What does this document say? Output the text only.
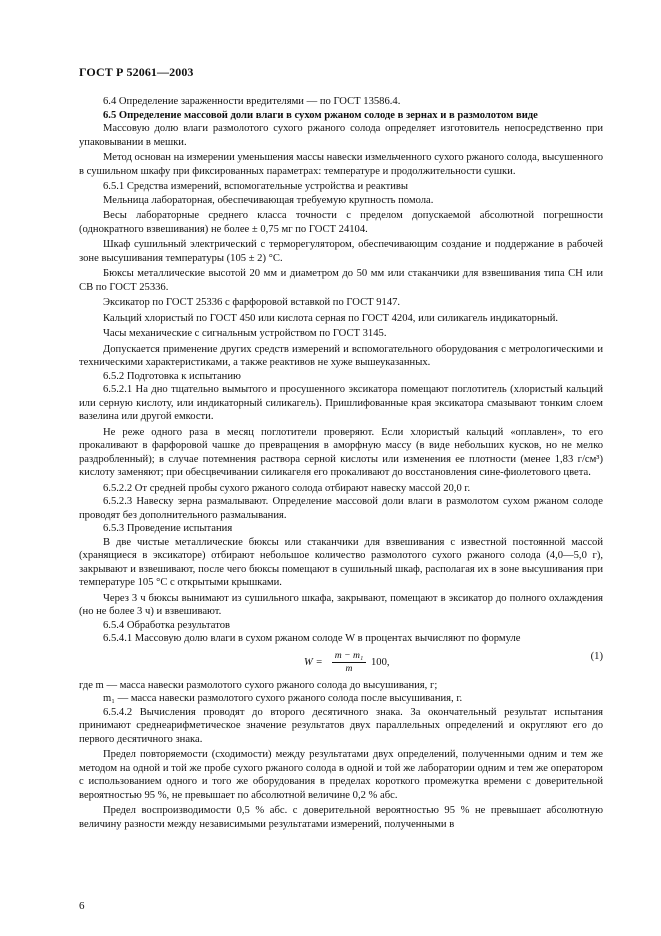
ГОСТ Р 52061—2003

6.4 Определение зараженности вредителями — по ГОСТ 13586.4.

6.5 Определение массовой доли влаги в сухом ржаном солоде в зернах и в размолотом виде

Массовую долю влаги размолотого сухого ржаного солода определяет изготовитель непосредственно при упаковывании в мешки.

Метод основан на измерении уменьшения массы навески измельченного сухого ржаного солода, высушенного в сушильном шкафу при фиксированных параметрах: температуре и продолжительности сушки.

6.5.1 Средства измерений, вспомогательные устройства и реактивы

Мельница лабораторная, обеспечивающая требуемую крупность помола.

Весы лабораторные среднего класса точности с пределом допускаемой абсолютной погрешности (однократного взвешивания) не более ± 0,75 мг по ГОСТ 24104.

Шкаф сушильный электрический с терморегулятором, обеспечивающим создание и поддержание в рабочей зоне высушивания температуры (105 ± 2) °С.

Бюксы металлические высотой 20 мм и диаметром до 50 мм или стаканчики для взвешивания типа СН или СВ по ГОСТ 25336.

Эксикатор по ГОСТ 25336 с фарфоровой вставкой по ГОСТ 9147.

Кальций хлористый по ГОСТ 450 или кислота серная по ГОСТ 4204, или силикагель индикаторный.

Часы механические с сигнальным устройством по ГОСТ 3145.

Допускается применение других средств измерений и вспомогательного оборудования с метрологическими и техническими характеристиками, а также реактивов не хуже вышеуказанных.

6.5.2 Подготовка к испытанию

6.5.2.1 На дно тщательно вымытого и просушенного эксикатора помещают поглотитель (хлористый кальций или серную кислоту, или индикаторный силикагель). Пришлифованные края эксикатора смазывают тонким слоем вазелина или другой емкости.

Не реже одного раза в месяц поглотители проверяют. Если хлористый кальций «оплавлен», то его прокаливают в фарфоровой чашке до превращения в аморфную массу (в виде небольших кусков, но не мелко раздробленный); в случае потемнения раствора серной кислоты или изменения ее плотности (менее 1,83 г/см³) кислоту заменяют; при обесцвечивании силикагеля его прокаливают до восстановления сине-фиолетового цвета.

6.5.2.2 От средней пробы сухого ржаного солода отбирают навеску массой 20,0 г.

6.5.2.3 Навеску зерна размалывают. Определение массовой доли влаги в размолотом сухом ржаном солоде проводят без дополнительного размалывания.

6.5.3 Проведение испытания

В две чистые металлические бюксы или стаканчики для взвешивания с известной постоянной массой (хранящиеся в эксикаторе) отбирают небольшое количество размолотого сухого ржаного солода (4,0—5,0 г), закрывают и взвешивают, после чего бюксы помещают в сушильный шкаф, располагая их в зоне высушивания при температуре 105 °С с открытыми крышками.

Через 3 ч бюксы вынимают из сушильного шкафа, закрывают, помещают в эксикатор до полного охлаждения (но не более 3 ч) и взвешивают.

6.5.4 Обработка результатов

6.5.4.1 Массовую долю влаги в сухом ржаном солоде W в процентах вычисляют по формуле

$W = \frac{\text{m − m₁}}{m} 100$,
(1)

где m — масса навески размолотого сухого ржаного солода до высушивания, г;

m₁ — масса навески размолотого сухого ржаного солода после высушивания, г.

6.5.4.2 Вычисления проводят до второго десятичного знака. За окончательный результат испытания принимают среднеарифметическое значение результатов двух параллельных определений и округляют его до первого десятичного знака.

Предел повторяемости (сходимости) между результатами двух определений, полученными одним и тем же методом на одной и той же пробе сухого ржаного солода в одной и той же лаборатории одним и тем же оператором с использованием одного и того же оборудования в пределах короткого промежутка времени с доверительной вероятностью 95 %, не превышает по абсолютной величине 0,2 % абс.

Предел воспроизводимости 0,5 % абс. с доверительной вероятностью 95 % не превышает абсолютную величину разности между независимыми результатами измерений, полученными в

6
